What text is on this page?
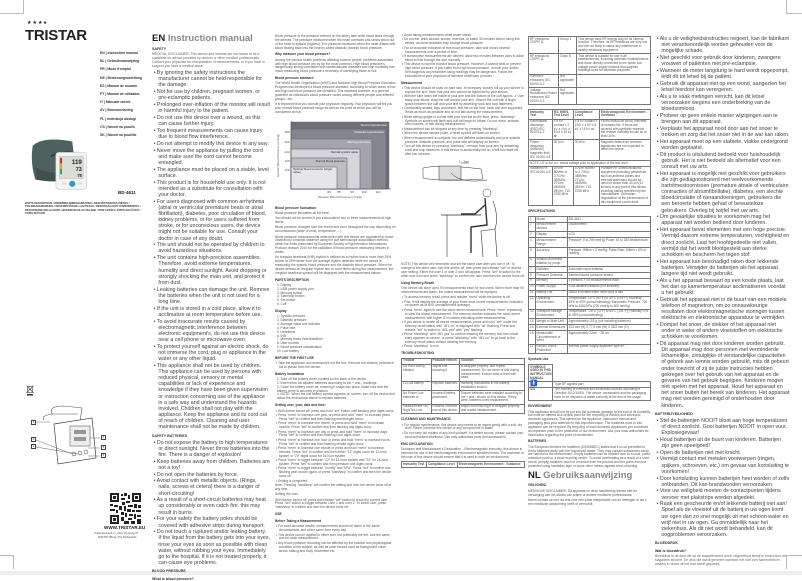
★★★●
TRISTAR
EN | Instruction manual
NL | Gebruiksaanwijzing
FR | Mode d'emploi
DE | Bedienungsanleitung
ES | Manual de usuario
PT | Manual de utilizador
IT | Manuale utente
SV | Bruksanvisning
PL | Instrukcja obsługi
CS | Návod na použití
SK | Návod na použitie
119
73
78
BD-4611
PARTS DESCRIPTION / ONDERDELENBESCHRIJVING / DESCRIPTION DES PIÈCES / TEILEBESCHREIBUNG / DESCRIPCIÓN DE LAS PIEZAS / DESCRIÇÃO DOS COMPONENTES / DESCRIZIONE DELLE PARTI / BESKRIVELSE AF DELENE / OPIS CZĘŚCI / POPIS SOUČÁSTÍ / POPIS SÚČASTÍ
1
2
3
4
5
6
WWW.TRISTAR.EU
Tristar Europe B.V. | Jules Verneweg 87
5015 BH Tilburg | The Netherlands
EN Instruction manual
SAFETY
MEDICAL DISCLAIMER: This device and manual are not meant to be a substitute for advice provided by doctors or other medical professionals. Contact your physician for interpretation of measurements, or if you have or suspect you have a medical issue.
• By ignoring the safety instructions the manufacturer cannot be held responsible for the damage.
• Not for use by children, pregnant women, or pre-eclamptic patients.
• Prolonged over-inflation of the monitor will result in harmful injury to the patient.
• Do not use this device over a wound, as this can cause further injury.
• Too frequent measurements can cause injury due to blood flow interference.
• Do not attempt to modify this device in any way.
• Never move the appliance by pulling the cord and make sure the cord cannot become entangled.
• The appliance must be placed on a stable, level surface.
• This product is for household use only. It is not intended as a substitute for consultation with your doctor.
• For users diagnosed with common arrhythmia (atrial or ventricular premature beats or atrial fibrillation), diabetes, poor circulation of blood, kidney problems, or for users suffered from stroke, or for unconscious users, the device might not be suitable for use. Consult your doctor in case of any doubt.
• The unit should not be operated by children to avoid hazardous situations.
• The unit contains high-precision assemblies. Therefore, avoid extreme temperatures, humidity and direct sunlight. Avoid dropping or strongly shocking the main unit, and protect it from dust.
• Leaking batteries can damage the unit. Remove the batteries when the unit is not used for a long time.
• If the unit is stored in a cold place, allow it to acclimatize at room temperature before use.
• To avoid inaccurate results caused by electromagnetic interference between electronic equipment's, do not use this device near a cell phone or microwave oven.
• To protect yourself against an electric shock, do not immerse the cord, plug or appliance in the water or any other liquid.
• This appliance shall not be used by children. This appliance can be used by persons with reduced physical, sensory or mental capabilities or lack of experience and knowledge if they have been given supervision or instruction concerning use of the appliance in a safe way and understand the hazards involved. Children shall not play with the appliance. Keep the appliance and its cord out of reach of children. Cleaning and user maintenance shall not be made by children.
SAFETY BATTERIES
• Do not expose the battery to high temperatures or direct sunlight. Never throw batteries into the fire. There is a danger of explosion!
• Keep batteries away from children. Batteries are not a toy!
• Do not open the batteries by force.
• Avoid contact with metallic objects. (Rings, nails, screws et cetera) there is a danger of short-circuiting!
• As a result of a short-circuit batteries may heat up considerably or even catch fire. this may result in burns.
• For your safety the battery poles should be covered with adhesive strips during transport.
• Do not touch a ruptured and/or leaking battery. If the liquid from the battery gets into your eyes, rinse your eyes as soon as possible with clean water, without rubbing your eyes. Immediately go to the hospital. If it is not treated properly, it can cause eye problems.
BLOOD PRESSURE
What is blood pressure?
Blood pressure is the pressure exerted on the artery lake while blood flows through the arteries. The pressure measured when the heart contracts and sends blood out of the heart is systolic (highest). The pressure measured when the heart dilates with blood flowing back into the heart is called diastolic (lowest) blood pressure.
Why measure your blood pressure?
Among the various health problems afflicting modern people, problems associated with high blood pressure are by far the most common. High blood pressure's dangerously strong correlation with cardiovascular diseases and high morbidity has made measuring blood pressure a necessity of identifying those at risk.
Blood pressure standard
The World Health Organization (WHO) and National High Blood Pressure Education Program has developed a blood pressure standard, according to which areas of low and high-risk blood pressure are identified. This standard however, is a general guideline as individual's blood pressure varies among different people and different groups...etc.
It is important that you consult your physician regularly. Your physician will tell you your normal blood pressure range as well as the point at which you will be considered at risk.
Severe hypertension
Moderate hypertension
Mild hypertension
Normal systolic value
Normal blood pressure
Optimal blood pressure (target value)
80 85	90	100	110
180
160
140
130
120
Diastolic Blood Pressure (mmHg)
Systolic Blood Pressure (mmHg)
Blood pressure fluctuation
Blood pressure fluctuates all the time!
You should not be worried if you encountered two or three measurements at high levels.
Blood pressure changes over the month and even throughout the day depending on circumstances (state of mind, temperature, ...).
Blood pressure measurements determined with this device are equivalent to those obtained by a trained observer using the cuff stethoscope auscultation method, within the limits prescribed by European Society of Hypertension International Protocol revision 2010 for the validation of blood pressure measuring devices in adults.
An irregular heartbeat (IHB) rhythm is defined as a rhythm that is more than 25% slower or 25% faster from the average rhythm detected while the device is measuring the systolic blood pressure and the diastolic blood pressure. When the device detects an irregular rhythm two or more times during the measurement, the irregular heartbeat symbol will be displayed with the measurement values.
PARTS DESCRIPTION
1. Display
2. USB power supply port
3. Memory button
4. Start/stop button
5. Set button
6. Cuff
Display
1. Systolic pressure
2. Diastolic pressure
3. Average value unit indicator
4. Pulse rate
5. Heartbeat
6. IHB
7. Memory times Year/date/time
8. User number
9. Blood pressure classification
10. Low battery
BEFORE THE FIRST USE
• Take the appliance and accessories out the box. Remove the stickers, protective foil or plastic from the device.
Battery installation
1. Take off the battery cover, located on the back of the device.
2. Insert three AA alkaline batteries according to the + and - markings.
3. Close the battery cover as, ensuring it snaps into place. Make sure that the battery cover is securely in position.
4. NOTE: When the low battery symbol appears on screen, turn off the device and follow the instructions above to replace batteries.
Setting user, year, date and time:
• With device turned off, press and hold "set" button until flashing year digits occur.
• Press "mem" to increase one year, or press and hold "mem" to increase years. Press "set" to confirm and then flashing month digits occur.
• Press "mem" to increase one month, or press and hold "mem" to increase months. Press "set" to confirm and then flashing day digits occur.
• Press "mem" to increase one day or press and hold "mem" to increase days. Press "set" to confirm and then flashing hour digits occur.
• Press "mem" to increase one hour or press and hold "mem" to increase hours. Press "set" to confirm and then flashing minute digits occur.
• Press "mem" to increase one minute or press and hold "mem" to increase minutes. Press "set" to confirm and then either "12" digits occur for 12-hour system or "24" digits occur for 24-hour system.
• Press "mem" to toggle between "12" for 12-hour system and "24" for 24-hour system. Press "set" to confirm and then pressure unit digits occur.
• Press "mem" to toggle between "mmHg" and "kPa". Press "set" to confirm and flashing year occurs again, or press "start/stop" to confirm and then the device turns off.
• Setting is completed.
Note: Pressing "start/stop" will confirm the setting and then the device turns off at any time.
Setting the user:
With device turned off, press and release "set" button to show the current user. Press "set" button to toggle between User 1 and User 2. To select user, press "start/stop" to confirm and then the device turns off.
USE
Before Taking a Measurement
• For most accurate results, measurements should be taken in the same circumstances and at the same time every day.
• This device can be applied to either arm, but preferably the left. Use the same arm for each measurement.
• Any blood pressure recording can be affected by the position and physiological condition of the subject, as well as other factors such as background noise, stress, talking and body movement etc.
• Avoid taking measurements while under stress.
• Do not eat, drink alcohol, smoke, exercise, or bathe 30 minutes before using this device, as these activities may change blood pressure.
• For an accurate indication of true blood pressure, take and record several measurements over a period of time.
• If consecutive measurements are desired, allow two minutes between uses to allow blood to flow through the arm normally.
• This device is used to monitor blood pressure. However, it cannot treat or prevent high blood pressure. If you suffer from high blood pressure, consult your doctor. Self diagnosis and treatment using readings may be dangerous. Follow the instructions of your physician of licensed healthcare provider.
Measurement
• This device should be used on bare skin. If necessary, loosely roll up your sleeve to expose the arm. Note that your arm cannot be tightened by your sleeve.
• With the tube down the inside of your arm and the bottom of the cuff approx. 1~2cm away your elbow, wrap the cuff around your arm. Secure the cuff with a finger space between the cuff and your arm by attaching hook and loop fasteners.
• Comfortably seated, legs uncrossed, feet flat on the floor, back and arm supported. Relax as much as possible and do not talk during the measurement.
• While sitting upright in a chair with your feet flat on the floor, press "start/stop". Symbols on screen will flash and cuff will begin to inflate. Do not move, activate arm muscles, or talk during measurement.
• Measurement can be stopped at any time by pressing "start/stop".
• When the device senses pulse, a heart symbol will flash on screen.
• When measurement is complete, the cuff deflates automatically and your systolic pressure, diastolic pressure, and pulse rate will display on screen.
• Turn off this device by pressing "start/stop", remove from your arm by detaching hook and loop fasteners. If this device is accidentally left on, it will turn itself off after two minutes.
1 - 2cm
NOTE: This device will remember and set the same user after you turn it off. To change to the other user, turn this device off, then press and release "set" to access user setting. Either the user 1 or user 2 icon will appear. Press "set" to switch to the other user icon and press "start/stop" to confirm the user and then the device turns off.
Using Memory-Recall
This device will store up to 90 measurements each for two users. When more than 90 measurements are taken, the oldest measurement will be replaced.
• To access memory recall, press and release "mem" while the device is off.
• First, it will display the average of your three most recent measurements, indicated on screen as M AVG (measurement average).
• Press "mem" again to see the most recent measurement. Press "mem" repeatedly to view the oldest measurement. The memory number indicates the most recent measurement, with higher ID numbers indicating older measurements.
• If you desire to delete all stored measurements, press and hold "set" under the Memory recall status until "dEL no" is displayed with "no" flashing. Press and release "set" to switch to "dEL yes" with "yes" flashing.
• Press "start/stop" with "dEL yes" to confirm clearing the memory and then blank entry appears on screen, or press "start/stop" with "dEL no" to go back to the memory recall status without clearing the memory.
• Press "start/stop" to exit.
TROUBLESHOOTING
Trouble	Possible reason	Solution
Err Error during inflation	Adjust cuff, ensuring it	is wrapped properly, and repeat measurement. Do not move or talk during measurement. Ensure wrist is level with heart.
Lo Low battery.	Replace batteries.	following instructions in the Battery installation section.
No Power Low batteries or	Incorrect battery placement.	Ensure batteries were installed according to the + and - shown on this device. If they were, batteries need replacement.
Measurement Too High/Too Low	Possible incorrect use of this device.	Adjust cuff ensuring it is wrapped properly, and repeat measurement.
CLEANING AND MAINTENANCE
• For regular maintenance, this device only needs to be wiped gently with a soft, dry cloth. Never immerse this device or any components in water.
• Do not carry out repairs of any kind yourself. If a defect occurs, please contact your local authorised distributor. Use only authorised parts and accessories.
EMC DECLARATION
Guidance and Manufacturer's Declaration – Electromagnetic Immunity, this device is intended for use in the electromagnetic environment specified below. The customer or the user of this device should ensure that it is used in such an environment.
Immunity Test	Compliance Level	Electromagnetic Environment : Guidance
RF emissions CISPR 11	Group 1	This device uses RF energy only for its internal function. Therefore, its RF emissions are very low and are not likely to cause any interference in nearby electronic equipment.
RF emissions CISPR 11	Class B	This device is suitable for use in all establishments, including domestic establishments and those directly connected to the public low-voltage power supply network that supplies buildings used for domestic purposes.
Harmonic emissions IEC 61000-3-2	Not applicable	
Voltage fluctuations/ Flicker emissions IEC 61000-3-3	Not applicable	
Immunity Test	IEC 60601 Test Level	Compliance Level	Electromagnetic Environment - Guidance
Electrostatic discharge (ESD) IEC 61000-4-2	± 8 kV contact ± 2 kV ± 4 kV ± 8 kV ± 15 kV air	± 8 kV contact ± 2 kV ± 4 kV ± 8 kV ± 15 kV air	Floors should be wood, concrete, or ceramic tile. If floors are covered with synthetic material, the relative humidity should be at least 30%.
Power frequency (50/60Hz) magnetic field IEC 61000-4-8	30 A/m	30 A/m	Magnetic fields from common appliances are not expected to affect the device.
NOTE: UT is the a.c. mains voltage prior to application of the test level			
Radiated RF IEC 61000-4-3	10V/m 80MHz to 2.7GHz; 385MHz, 27V/m; 450MHz, 28V/m; 710-5785 MHz	10V/m 80MHz to 2.7GHz; 385MHz, 27V/m; 450MHz, 28V/m; 710-5785 MHz	Portable RF communications equipment (including peripherals such as antenna cables and external antennas) should be used no closer than 30 cm (12 inches) to any part of this device, including cables specified by the manufacturer. Otherwise, degradation of the performance of this equipment could result.
SPECIFICATIONS
1	Model	BD-4611
2	Measurement Method	Oscillometric
3	Display	LCD
4	Measurement Range	Pressure: 0 to 299 mmHg; Pulse: 40 to 180 beats/minute
5	Accuracy	Pressure: Within ± 3 mmHg; Pulse Rate: Within ± 5% of reading
6	Inflation Automatic inflation by pump	
7	Deflation	Automatic rapid deflation
8	Pressure Detection	Semiconductor pressure sensor
9	Memory	2 persons X 90 measurements each
10	Power Supply	3 AA alkaline batteries (not included)
11	Battery Life	About 6 months when used once a day
12	Operating Environment	Temperature: 10°C (50°F) to 40°C (104°F); Humidity: 15% to 90% (noncondensing); Barometric Pressure: 700 hPa to 1060 hPa (700 mmHg to 800 mmHg)
13	Transport Storage Environment	Temperature: -20°C (-4°F) to 55°C (131°F); Humidity: 0% to 95% (noncondensing)
14	Weight of Main Unit	Approximately 115 g (not including batteries)
15	External Dimensions	103 mm (H) X 77.5 mm (W) X 48.8 mm (D)
16	Measurable Circumference of Wrist	Approximately 22cm ~ 36 cm
17	Electric Shock Protection	Internal power supply appliance type BF
Symbols Use
SYMBOLS USED IN THIS INSTRUCTION MANUAL	
🚹	Type BF applied part
☒	The marking of electrical and electronics devices according to Directive 2012/19/EU. The device, accessories and the packaging have to be disposed of waste correctly at the end of the usage.
ENVIRONMENT
This appliance should not be put into the domestic garbage at the end of its durability, but must be offered at a central point for the recycling of electric and electronic domestic appliances. This symbol on the appliance, instruction manual and packaging puts your attention to this important issue. The materials used in this appliance can be recycled. By recycling of used domestic appliances you contribute an important push to the protection of our environment. Ask your local authorities for information regarding the point of recollection.
BATTERIES
The European directive for batteries (2006/66/EC) states that it is not permitted to throw batteries away with the household waste. They may contain substances which are harmful to the environment. Empty batteries can be handed over to a local, public collection point or a local recycling centre. To avoid overheating as a result of a short circuit, (empty) batteries must be removed from the product and the poles must be protected using insulation tape or some other means against short-circuiting.
NL Gebruiksaanwijzing
VEILIGHEID
MEDISCHE DISCLAIMER: Dit apparaat en deze handleiding dienen niet ter vervanging van het advies van artsen of andere medische professionals.
Neem contact op met uw arts voor een juiste interpretatie van de metingen of als u een medische aandoening heeft of vermoedt.
• Als u de veiligheidsinstructies negeert, kan de fabrikant niet verantwoordelijk worden gehouden voor de mogelijke schade.
• Niet geschikt voor gebruik door kinderen, zwangere vrouwen of patiënten met pre-eclampsie.
• Wanneer de meter langdurig te hard wordt opgepompt, leidt dit tot letsel bij de patiënt.
• Gebruik dit apparaat niet op een wond, aangezien het letsel hierdoor kan verergeren.
• Als u te vaak metingen verricht, kan dit letsel veroorzaken wegens een onderbreking van de bloedsomloop.
• Probeer op geen enkele manier wijzigingen aan te brengen aan dit apparaat.
• Verplaats het apparaat nooit door aan het snoer te trekken en zorg dat het snoer niet in de war kan raken.
• Het apparaat moet op een stabiele, vlakke ondergrond worden geplaatst.
• Dit product is uitsluitend bedoeld voor huishoudelijk gebruik. Het is niet bedoeld als alternatief voor een consult met uw arts.
• Het apparaat is mogelijk niet geschikt voor gebruikers die zijn gediagnosticeerd met veelvoorkomende hartritmestoornissen (premature atriale of ventriculaire contracties of atriumfibrillatie), diabetes, een slechte bloedcirculatie of nieraandoeningen, gebruikers die een beroerte hebben gehad of bewusteloze gebruikers. Overleg bij twijfel met uw arts.
• Om gevaarlijke situaties te voorkomen mag het apparaat niet worden bediend door kinderen.
• Het apparaat bevat elementen met een hoge precisie. Vermijd daarom extreme temperaturen, vochtigheid en direct zonlicht. Laat het hoofdgedeelte niet vallen, vermijd dat het wordt blootgesteld aan sterke schokken en bescherm het tegen stof.
• Het apparaat kan beschadigd raken door lekkende batterijen. Verwijder de batterijen als het apparaat langere tijd niet wordt gebruikt.
• Als u het apparaat bewaart op een koude plaats, laat het dan op kamertemperatuur acclimatiseren voordat u het gebruikt.
• Gebruik het apparaat niet in de buurt van een mobiele telefoon of magnetron, om zo onnauwkeurige resultaten door elektromagnetische storingen tussen elektrische en elektronische apparatuur te vermijden.
• Dompel het snoer, de stekker of het apparaat niet onder in water of andere vloeistoffen om elektrische schokken te voorkomen.
• Dit apparaat mag niet door kinderen worden gebruikt. Dit apparaat mag door personen met verminderde lichamelijke, zintuiglijke of verstandelijke capaciteiten of gebrek aan kennis worden gebruikt, mits dit gebeurt onder toezicht of zij de juiste instructies hebben gekregen over het gebruik van het apparaat en de gevaren van het gebruik begrijpen. Kinderen mogen niet spelen met het apparaat. Houd het apparaat en het snoer buiten het bereik van kinderen. Het apparaat mag niet worden gereinigd of onderhouden door kinderen.
BATTERIJVEILIGHEID
• Stel de batterijen NOOIT bloot aan hoge temperaturen of direct zonlicht. Gooi batterijen NOOIT in open vuur. Explosiegevaar!
• Houd batterijen uit de buurt van kinderen. Batterijen zijn geen speelgoed!
• Open de batterijen niet met kracht.
• Vermijd contact met metalen voorwerpen (ringen, spijkers, schroeven, etc.) om gevaar van kortsluiting te voorkomen!
• Door kortsluiting kunnen batterijen heet worden of zelfs ontbranden. Dit kan brandwonden veroorzaken.
• Voor uw veiligheid moeten de contactpunten tijdens vervoer met plakstrips worden afgedekt.
• Raak een gescheurde en/of lekkende batterij niet aan! Spoel als de vloeistof uit de batterij in uw ogen komt uw ogen dan zo snel mogelijk uit met schoon water en wrijf niet in uw ogen. Ga onmiddellijk naar het ziekenhuis. Als dit niet wordt behandeld, kan dit oogproblemen veroorzaken.
BLOEDDRUK
Wat is bloeddruk?
Bloeddruk is de druk die op de slagaderwand wordt uitgeoefend terwijl er bloed door de slagaders stroomt. De druk die wordt gemeten wanneer het hart zich samentrekt en waarbij er bloed uit het hart wordt gepompt,
